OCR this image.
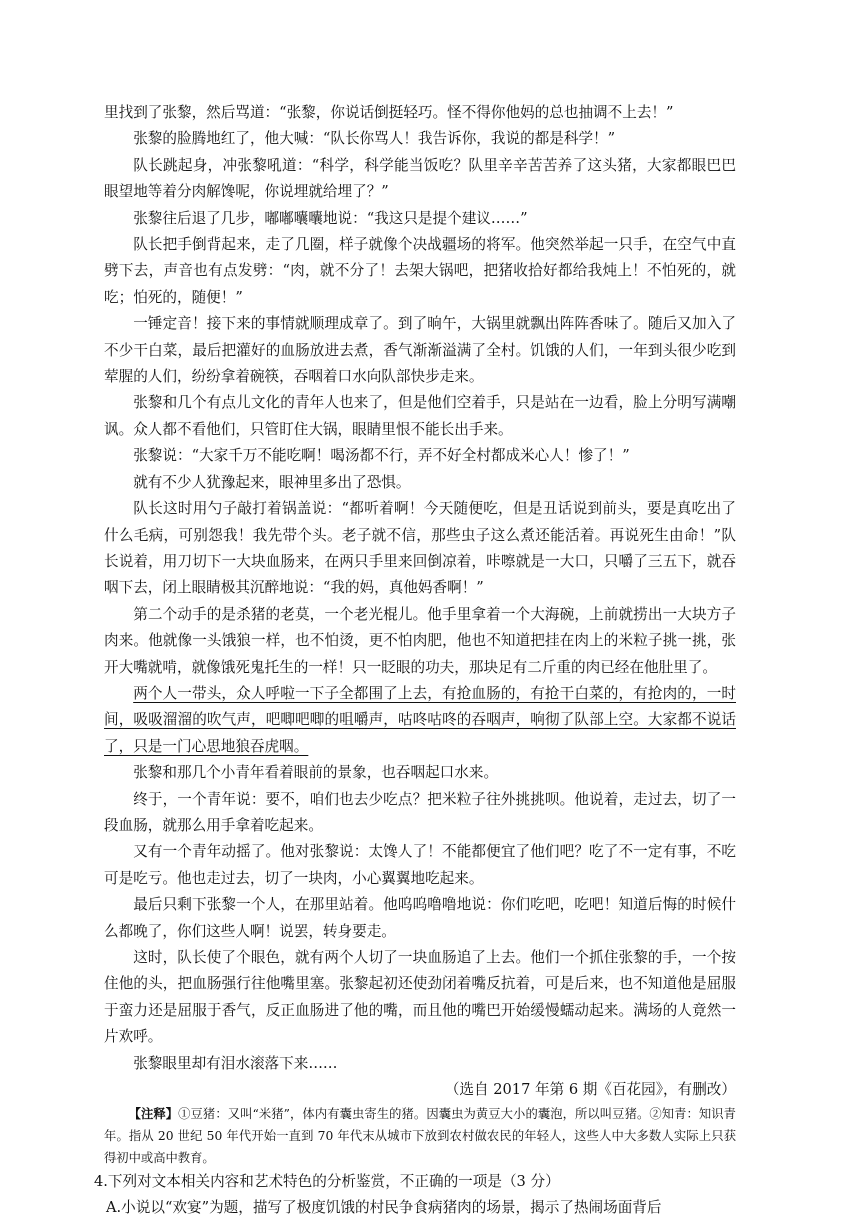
里找到了张黎，然后骂道：“张黎，你说话倒挺轻巧。怪不得你他妈的总也抽调不上去！”

张黎的脸腾地红了，他大喊：“队长你骂人！我告诉你，我说的都是科学！”

队长跳起身，冲张黎吼道：“科学，科学能当饭吃？队里辛辛苦苦养了这头猪，大家都眼巴巴眼望地等着分肉解馋呢，你说埋就给埋了？”

张黎往后退了几步，嘟嘟囔囔地说：“我这只是提个建议……”

队长把手倒背起来，走了几圈，样子就像个决战疆场的将军。他突然举起一只手，在空气中直劈下去，声音也有点发劈：“肉，就不分了！去架大锅吧，把猪收拾好都给我炖上！不怕死的，就吃；怕死的，随便！”

一锤定音！接下来的事情就顺理成章了。到了晌午，大锅里就飘出阵阵香味了。随后又加入了不少干白菜，最后把灌好的血肠放进去煮，香气渐渐溢满了全村。饥饿的人们，一年到头很少吃到荤腥的人们，纷纷拿着碗筷，吞咽着口水向队部快步走来。

张黎和几个有点儿文化的青年人也来了，但是他们空着手，只是站在一边看，脸上分明写满嘲讽。众人都不看他们，只管盯住大锅，眼睛里恨不能长出手来。

张黎说：“大家千万不能吃啊！喝汤都不行，弄不好全村都成米心人！惨了！”

就有不少人犹豫起来，眼神里多出了恐惧。

队长这时用勺子敲打着锅盖说：“都听着啊！今天随便吃，但是丑话说到前头，要是真吃出了什么毛病，可别怨我！我先带个头。老子就不信，那些虫子这么煮还能活着。再说死生由命！”队长说着，用刀切下一大块血肠来，在两只手里来回倒凉着，咔嚓就是一大口，只嚼了三五下，就吞咽下去，闭上眼睛极其沉醉地说：“我的妈，真他妈香啊！”

第二个动手的是杀猪的老莫，一个老光棍儿。他手里拿着一个大海碗，上前就捞出一大块方子肉来。他就像一头饿狼一样，也不怕烫，更不怕肉肥，他也不知道把挂在肉上的米粒子挑一挑，张开大嘴就啃，就像饿死鬼托生的一样！只一眨眼的功夫，那块足有二斤重的肉已经在他肚里了。

两个人一带头，众人呼啦一下子全都围了上去，有抢血肠的，有抢干白菜的，有抢肉的，一时间，吸吸溜溜的吹气声，吧唧吧唧的咀嚼声，咕咚咕咚的吞咽声，响彻了队部上空。大家都不说话了，只是一门心思地狼吞虎咽。

张黎和那几个小青年看着眼前的景象，也吞咽起口水来。

终于，一个青年说：要不，咱们也去少吃点？把米粒子往外挑挑呗。他说着，走过去，切了一段血肠，就那么用手拿着吃起来。

又有一个青年动摇了。他对张黎说：太馋人了！不能都便宜了他们吧？吃了不一定有事，不吃可是吃亏。他也走过去，切了一块肉，小心翼翼地吃起来。

最后只剩下张黎一个人，在那里站着。他呜呜噜噜地说：你们吃吧，吃吧！知道后悔的时候什么都晚了，你们这些人啊！说罢，转身要走。

这时，队长使了个眼色，就有两个人切了一块血肠追了上去。他们一个抓住张黎的手，一个按住他的头，把血肠强行往他嘴里塞。张黎起初还使劲闭着嘴反抗着，可是后来，也不知道他是屈服于蛮力还是屈服于香气，反正血肠进了他的嘴，而且他的嘴巴开始缓慢蠕动起来。满场的人竟然一片欢呼。

张黎眼里却有泪水滚落下来……

（选自 2017 年第 6 期《百花园》，有删改）

【注释】①豆猪：又叫“米猪”，体内有囊虫寄生的猪。因囊虫为黄豆大小的囊泡，所以叫豆猪。②知青：知识青年。指从 20 世纪 50 年代开始一直到 70 年代末从城市下放到农村做农民的年轻人，这些人中大多数人实际上只获得初中或高中教育。

4.下列对文本相关内容和艺术特色的分析鉴赏，不正确的一项是（3 分）

A.小说以“欢宴”为题，描写了极度饥饿的村民争食病猪肉的场景，揭示了热闹场面背后
